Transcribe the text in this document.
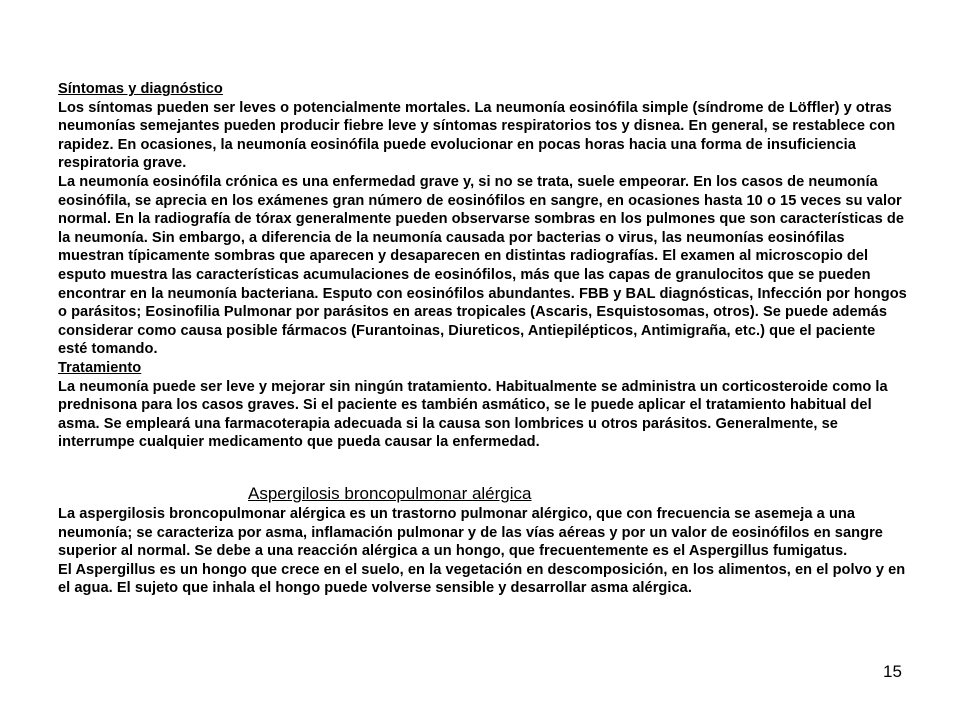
Síntomas y diagnóstico

Los síntomas pueden ser leves o potencialmente mortales. La neumonía eosinófila simple (síndrome de Löffler) y otras neumonías semejantes pueden producir fiebre leve y síntomas respiratorios tos y disnea. En general, se restablece con rapidez. En ocasiones, la neumonía eosinófila puede evolucionar en pocas horas hacia una forma de insuficiencia respiratoria grave.

La neumonía eosinófila crónica es una enfermedad grave y, si no se trata, suele empeorar. En los casos de neumonía eosinófila, se aprecia en los exámenes gran número de eosinófilos en sangre, en ocasiones hasta 10 o 15 veces su valor normal. En la radiografía de tórax generalmente pueden observarse sombras en los pulmones que son características de la neumonía. Sin embargo, a diferencia de la neumonía causada por bacterias o virus, las neumonías eosinófilas muestran típicamente sombras que aparecen y desaparecen en distintas radiografías. El examen al microscopio del esputo muestra las características acumulaciones de eosinófilos, más que las capas de granulocitos que se pueden encontrar en la neumonía bacteriana. Esputo con eosinófilos abundantes. FBB y BAL diagnósticas, Infección por hongos o parásitos; Eosinofilia Pulmonar por parásitos en areas tropicales (Ascaris, Esquistosomas, otros). Se puede además considerar como causa posible fármacos (Furantoinas, Diureticos, Antiepilépticos, Antimigraña, etc.) que el paciente esté tomando.

Tratamiento

La neumonía puede ser leve y mejorar sin ningún tratamiento. Habitualmente se administra un corticosteroide como la prednisona para los casos graves. Si el paciente es también asmático, se le puede aplicar el tratamiento habitual del asma. Se empleará una farmacoterapia adecuada si la causa son lombrices u otros parásitos. Generalmente, se interrumpe cualquier medicamento que pueda causar la enfermedad.

Aspergilosis broncopulmonar alérgica

La aspergilosis broncopulmonar alérgica es un trastorno pulmonar alérgico, que con frecuencia se asemeja a una neumonía; se caracteriza por asma, inflamación pulmonar y de las vías aéreas y por un valor de eosinófilos en sangre superior al normal. Se debe a una reacción alérgica a un hongo, que frecuentemente es el Aspergillus fumigatus.

El Aspergillus es un hongo que crece en el suelo, en la vegetación en descomposición, en los alimentos, en el polvo y en el agua. El sujeto que inhala el hongo puede volverse sensible y desarrollar asma alérgica.

15
